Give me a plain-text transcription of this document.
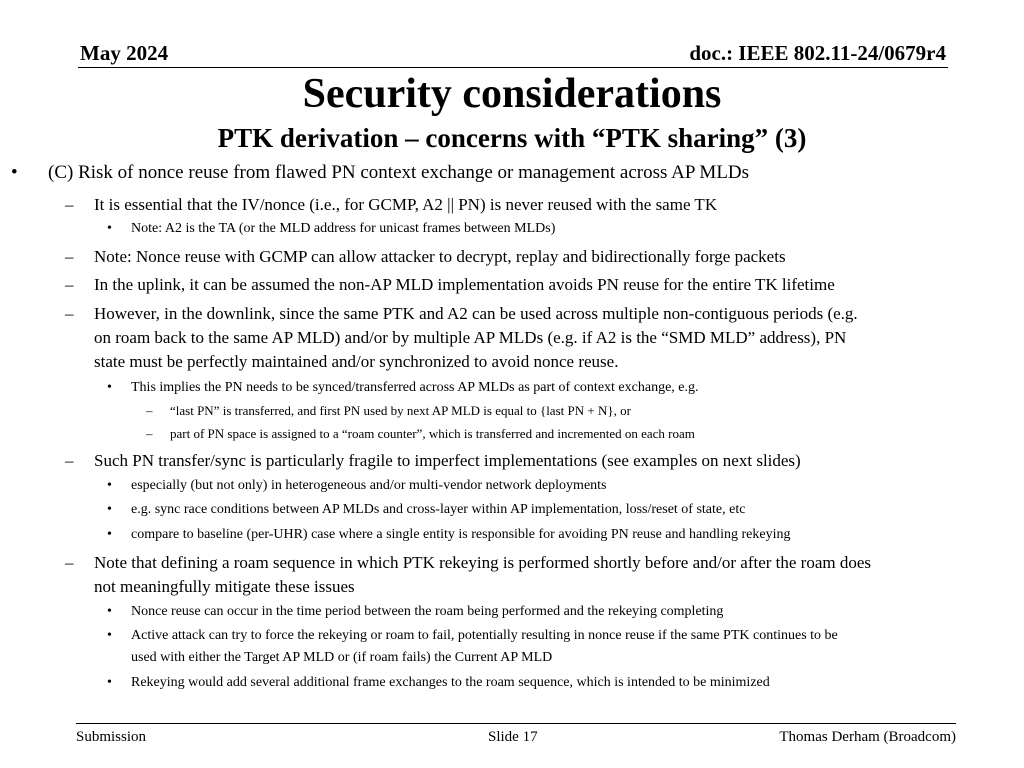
May 2024	doc.: IEEE 802.11-24/0679r4
Security considerations
PTK derivation – concerns with “PTK sharing” (3)
• (C) Risk of nonce reuse from flawed PN context exchange or management across AP MLDs
– It is essential that the IV/nonce (i.e., for GCMP, A2 || PN) is never reused with the same TK
• Note: A2 is the TA (or the MLD address for unicast frames between MLDs)
– Note: Nonce reuse with GCMP can allow attacker to decrypt, replay and bidirectionally forge packets
– In the uplink, it can be assumed the non-AP MLD implementation avoids PN reuse for the entire TK lifetime
– However, in the downlink, since the same PTK and A2 can be used across multiple non-contiguous periods (e.g.
on roam back to the same AP MLD) and/or by multiple AP MLDs (e.g. if A2 is the “SMD MLD” address), PN
state must be perfectly maintained and/or synchronized to avoid nonce reuse.
• This implies the PN needs to be synced/transferred across AP MLDs as part of context exchange, e.g.
– “last PN” is transferred, and first PN used by next AP MLD is equal to {last PN + N}, or
– part of PN space is assigned to a “roam counter”, which is transferred and incremented on each roam
– Such PN transfer/sync is particularly fragile to imperfect implementations (see examples on next slides)
• especially (but not only) in heterogeneous and/or multi-vendor network deployments
• e.g. sync race conditions between AP MLDs and cross-layer within AP implementation, loss/reset of state, etc
• compare to baseline (per-UHR) case where a single entity is responsible for avoiding PN reuse and handling rekeying
– Note that defining a roam sequence in which PTK rekeying is performed shortly before and/or after the roam does
not meaningfully mitigate these issues
• Nonce reuse can occur in the time period between the roam being performed and the rekeying completing
• Active attack can try to force the rekeying or roam to fail, potentially resulting in nonce reuse if the same PTK continues to be
used with either the Target AP MLD or (if roam fails) the Current AP MLD
• Rekeying would add several additional frame exchanges to the roam sequence, which is intended to be minimized
Submission	Slide 17	Thomas Derham (Broadcom)
